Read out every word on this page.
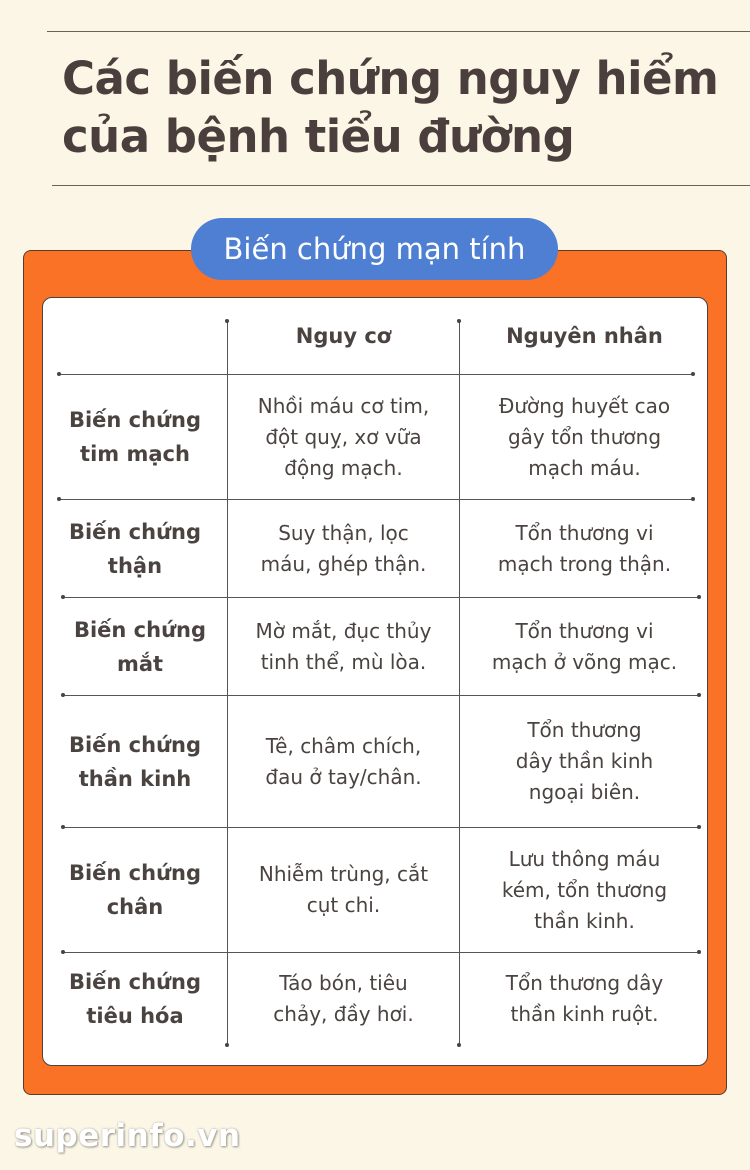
Các biến chứng nguy hiểm của bệnh tiểu đường
Biến chứng mạn tính
Nguy cơ	Nguyên nhân
Biến chứng
tim mạch
Nhồi máu cơ tim,
đột quỵ, xơ vữa
động mạch.
Đường huyết cao
gây tổn thương
mạch máu.
Biến chứng
thận
Suy thận, lọc
máu, ghép thận.
Tổn thương vi
mạch trong thận.
Biến chứng
mắt
Mờ mắt, đục thủy
tinh thể, mù lòa.
Tổn thương vi
mạch ở võng mạc.
Biến chứng
thần kinh
Tê, châm chích,
đau ở tay/chân.
Tổn thương
dây thần kinh
ngoại biên.
Biến chứng
chân
Nhiễm trùng, cắt
cụt chi.
Lưu thông máu
kém, tổn thương
thần kinh.
Biến chứng
tiêu hóa
Táo bón, tiêu
chảy, đầy hơi.
Tổn thương dây
thần kinh ruột.
superinfo.vn
